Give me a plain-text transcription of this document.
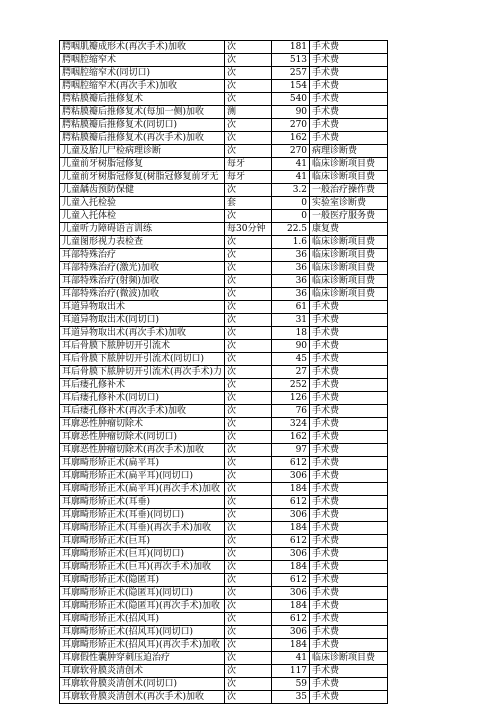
腭咽肌瓣成形术(再次手术)加收	次	181	手术费
腭咽腔缩窄术	次	513	手术费
腭咽腔缩窄术(同切口)	次	257	手术费
腭咽腔缩窄术(再次手术)加收	次	154	手术费
腭粘膜瓣后推修复术	次	540	手术费
腭粘膜瓣后推修复术(每加一侧)加收	测	90	手术费
腭粘膜瓣后推修复术(同切口)	次	270	手术费
腭粘膜瓣后推修复术(再次手术)加收	次	162	手术费
儿童及胎儿尸检病理诊断	次	270	病理诊断费
儿童前牙树脂冠修复	每牙	41	临床诊断项目费
儿童前牙树脂冠修复(树脂冠修复前牙无	每牙	41	临床诊断项目费
儿童龋齿预防保健	次	3.2	一般治疗操作费
儿童入托检验	套	0	实验室诊断费
儿童入托体检	次	0	一般医疗服务费
儿童听力障碍语言训练	每30分钟	22.5	康复费
儿童图形视力表检查	次	1.6	临床诊断项目费
耳部特殊治疗	次	36	临床诊断项目费
耳部特殊治疗(激光)加收	次	36	临床诊断项目费
耳部特殊治疗(射频)加收	次	36	临床诊断项目费
耳部特殊治疗(微波)加收	次	36	临床诊断项目费
耳道异物取出术	次	61	手术费
耳道异物取出术(同切口)	次	31	手术费
耳道异物取出术(再次手术)加收	次	18	手术费
耳后骨膜下脓肿切开引流术	次	90	手术费
耳后骨膜下脓肿切开引流术(同切口)	次	45	手术费
耳后骨膜下脓肿切开引流术(再次手术)力	次	27	手术费
耳后瘘孔修补术	次	252	手术费
耳后瘘孔修补术(同切口)	次	126	手术费
耳后瘘孔修补术(再次手术)加收	次	76	手术费
耳廓恶性肿瘤切除术	次	324	手术费
耳廓恶性肿瘤切除术(同切口)	次	162	手术费
耳廓恶性肿瘤切除术(再次手术)加收	次	97	手术费
耳廓畸形矫正术(扁平耳)	次	612	手术费
耳廓畸形矫正术(扁平耳)(同切口)	次	306	手术费
耳廓畸形矫正术(扁平耳)(再次手术)加收	次	184	手术费
耳廓畸形矫正术(耳垂)	次	612	手术费
耳廓畸形矫正术(耳垂)(同切口)	次	306	手术费
耳廓畸形矫正术(耳垂)(再次手术)加收	次	184	手术费
耳廓畸形矫正术(巨耳)	次	612	手术费
耳廓畸形矫正术(巨耳)(同切口)	次	306	手术费
耳廓畸形矫正术(巨耳)(再次手术)加收	次	184	手术费
耳廓畸形矫正术(隐匿耳)	次	612	手术费
耳廓畸形矫正术(隐匿耳)(同切口)	次	306	手术费
耳廓畸形矫正术(隐匿耳)(再次手术)加收	次	184	手术费
耳廓畸形矫正术(招风耳)	次	612	手术费
耳廓畸形矫正术(招风耳)(同切口)	次	306	手术费
耳廓畸形矫正术(招风耳)(再次手术)加收	次	184	手术费
耳廓假性囊肿穿刺压迫治疗	次	41	临床诊断项目费
耳廓软骨膜炎清创术	次	117	手术费
耳廓软骨膜炎清创术(同切口)	次	59	手术费
耳廓软骨膜炎清创术(再次手术)加收	次	35	手术费
